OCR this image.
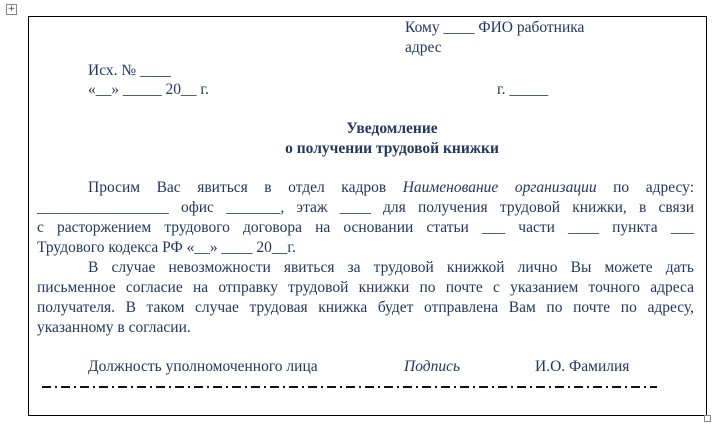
+
Кому ____ ФИО работника
адрес
Исх. № ____
«__» _____ 20__ г.	г. _____
Уведомление
о получении трудовой книжки
Просим Вас явиться в отдел кадров Наименование организации по адресу:
_________________ офис _______, этаж ____ для получения трудовой книжки, в связи
с расторжением трудового договора на основании статьи ___ части ____ пункта ___
Трудового кодекса РФ «__» ____ 20__г.
В случае невозможности явиться за трудовой книжкой лично Вы можете дать
письменное согласие на отправку трудовой книжки по почте с указанием точного адреса
получателя. В таком случае трудовая книжка будет отправлена Вам по почте по адресу,
указанному в согласии.
Должность уполномоченного лица	Подпись	И.О. Фамилия
